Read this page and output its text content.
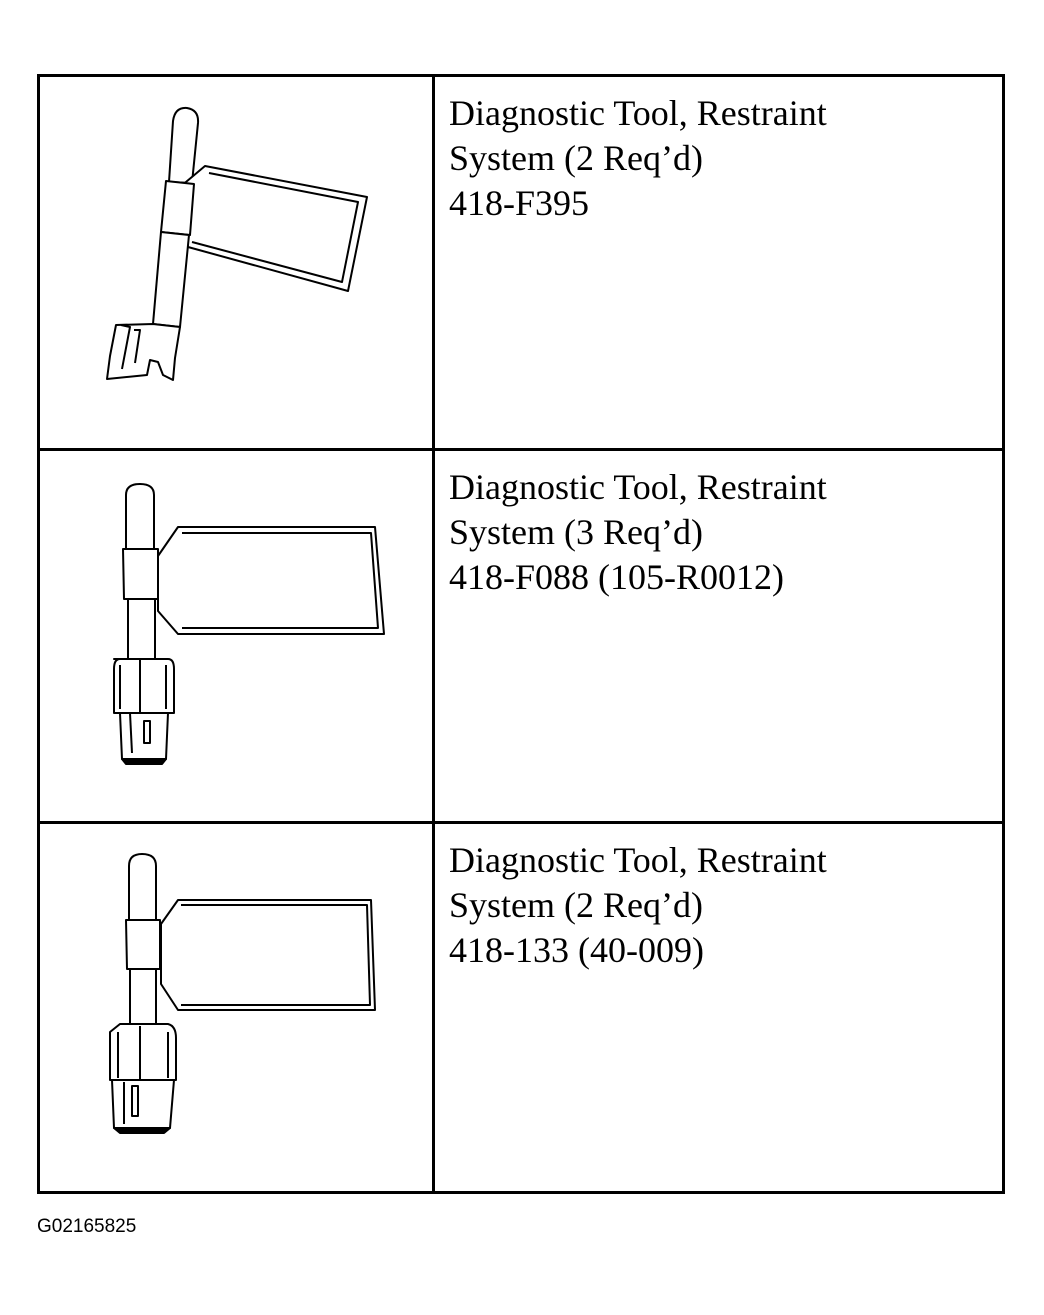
Diagnostic Tool, Restraint
System (2 Req’d)
418-F395
Diagnostic Tool, Restraint
System (3 Req’d)
418-F088 (105-R0012)
Diagnostic Tool, Restraint
System (2 Req’d)
418-133 (40-009)
G02165825
